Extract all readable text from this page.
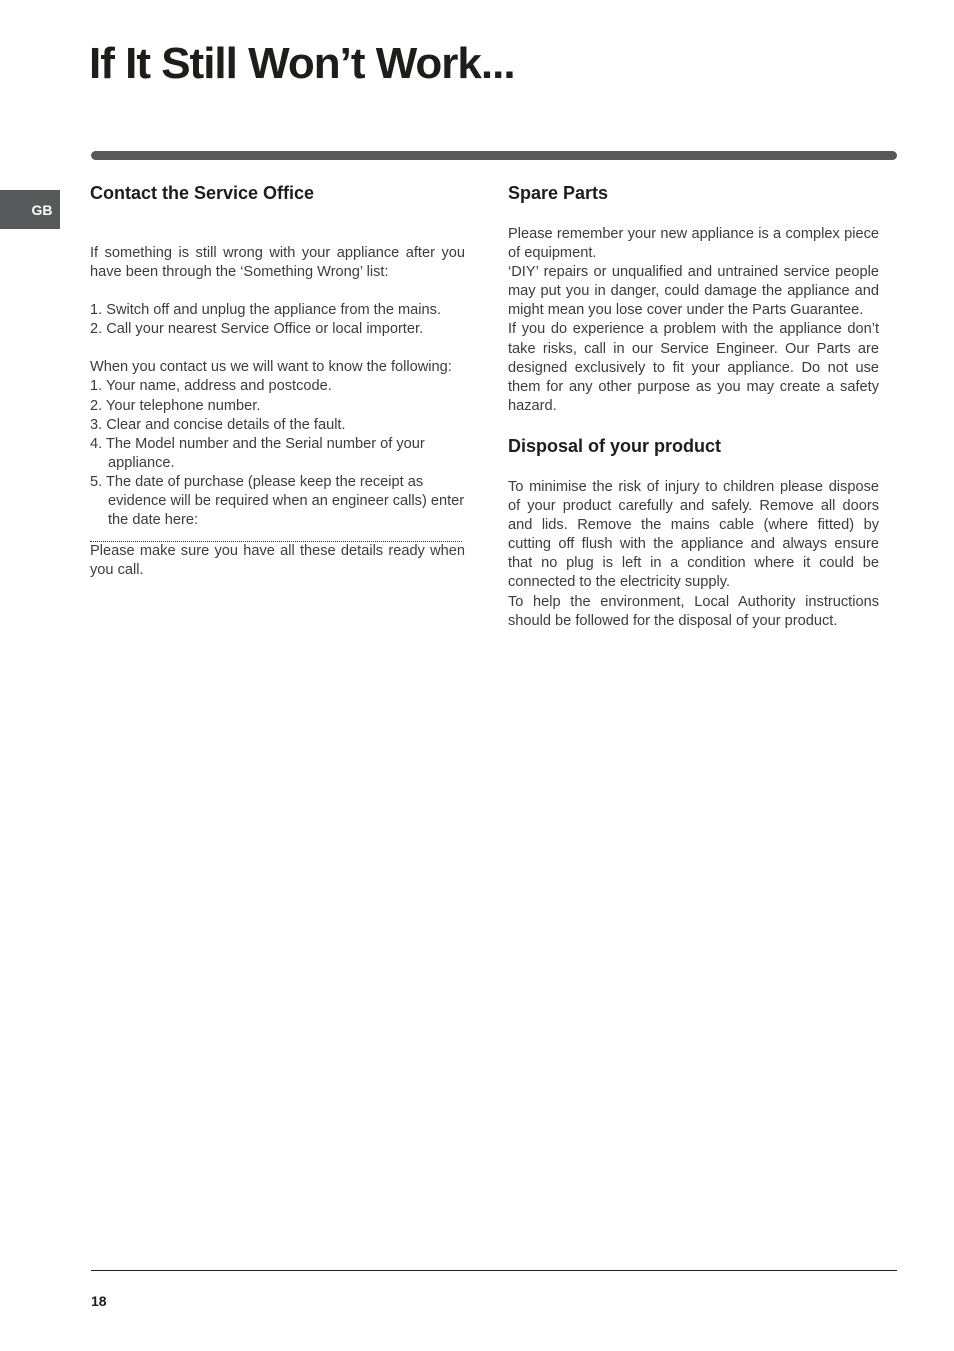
If It Still Won’t Work...
GB
Contact the Service Office

If something is still wrong with your appliance after you have been through the ‘Something Wrong’ list:

1. Switch off and unplug the appliance from the mains.
2. Call your nearest Service Office or local importer.

When you contact us we will want to know the following:

1. Your name, address and postcode.
2. Your telephone number.
3. Clear and concise details of the fault.
4. The Model number and the Serial number of your appliance.
5. The date of purchase (please keep the receipt as evidence will be required when an engineer calls) enter the date here:

Please make sure you have all these details ready when you call.

Spare Parts

Please remember your new appliance is a complex piece of equipment.

‘DIY’ repairs or unqualified and untrained service people may put you in danger, could damage the appliance and might mean you lose cover under the Parts Guarantee.

If you do experience a problem with the appliance don’t take risks, call in our Service Engineer. Our Parts are designed exclusively to fit your appliance. Do not use them for any other purpose as you may create a safety hazard.

Disposal of your product

To minimise the risk of injury to children please dispose of your product carefully and safely. Remove all doors and lids. Remove the mains cable (where fitted) by cutting off flush with the appliance and always ensure that no plug is left in a condition where it could be connected to the electricity supply.

To help the environment, Local Authority instructions should be followed for the disposal of your product.

18
